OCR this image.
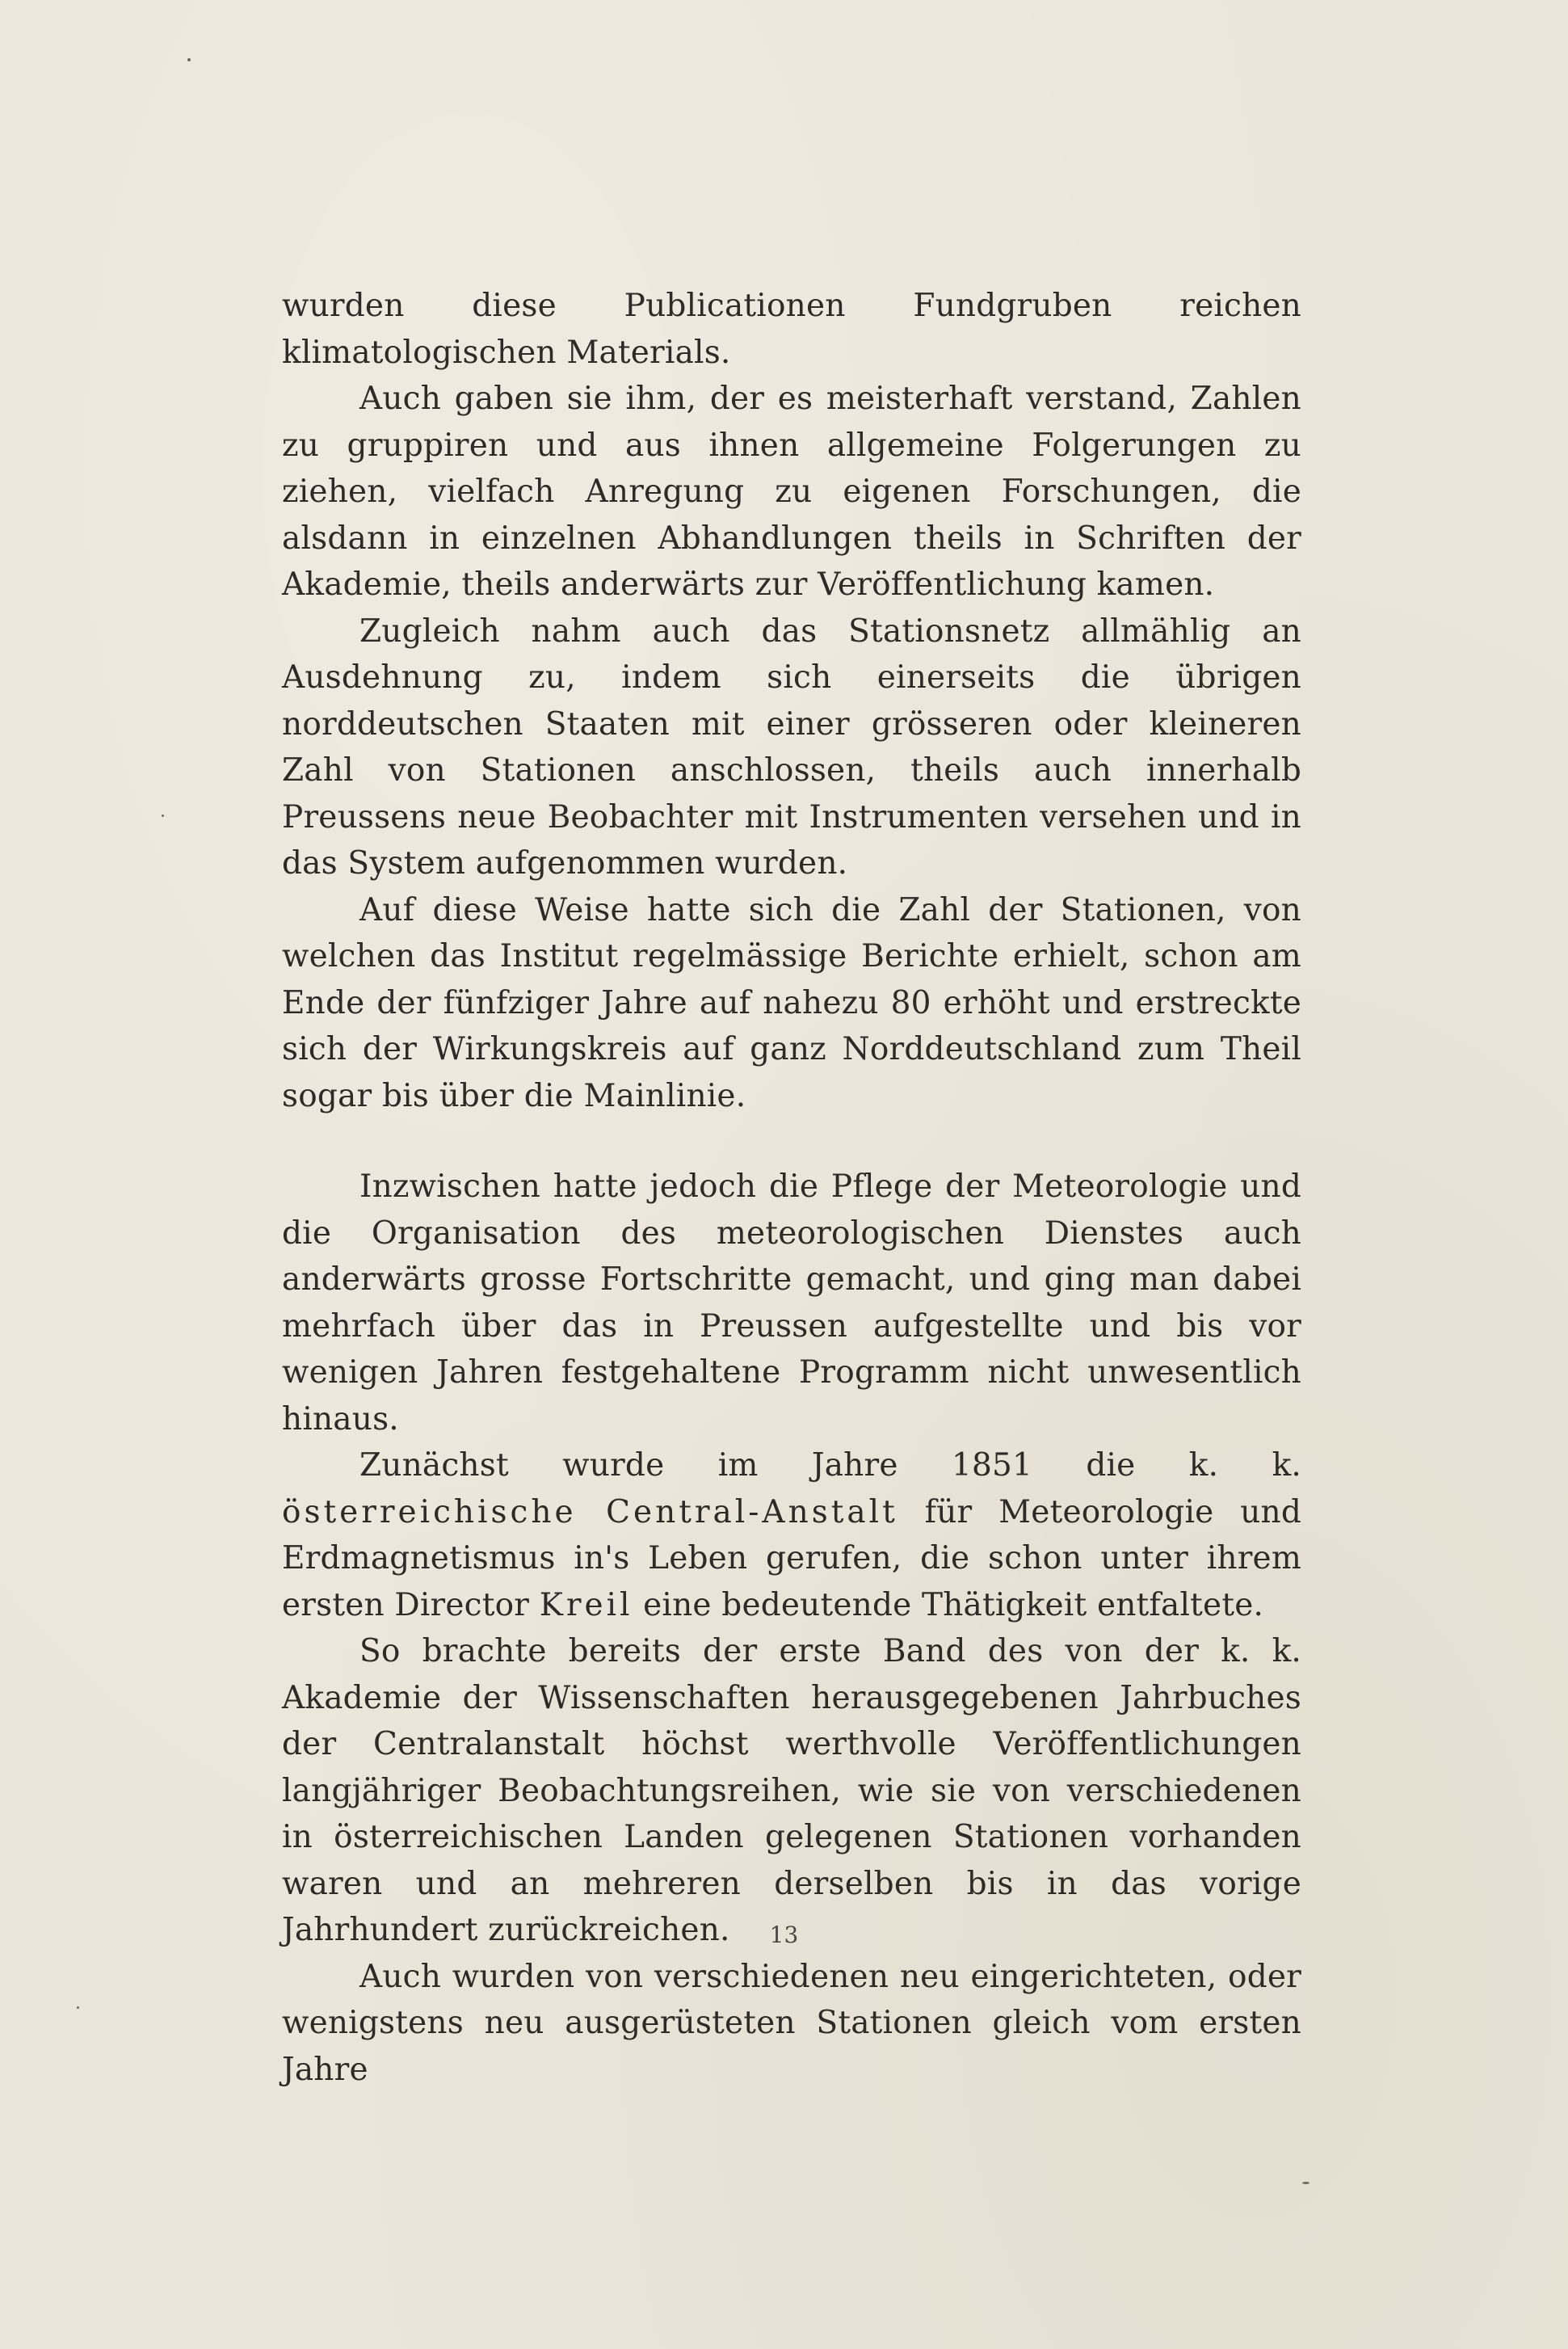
wurden diese Publicationen Fundgruben reichen klimatologischen Materials.

Auch gaben sie ihm, der es meisterhaft verstand, Zahlen zu gruppiren und aus ihnen allgemeine Folgerungen zu ziehen, vielfach Anregung zu eigenen Forschungen, die alsdann in einzelnen Abhandlungen theils in Schriften der Akademie, theils anderwärts zur Veröffentlichung kamen.

Zugleich nahm auch das Stationsnetz allmählig an Ausdehnung zu, indem sich einerseits die übrigen norddeutschen Staaten mit einer grösseren oder kleineren Zahl von Stationen anschlossen, theils auch innerhalb Preussens neue Beobachter mit Instrumenten versehen und in das System aufgenommen wurden.

Auf diese Weise hatte sich die Zahl der Stationen, von welchen das Institut regelmässige Berichte erhielt, schon am Ende der fünfziger Jahre auf nahezu 80 erhöht und erstreckte sich der Wirkungskreis auf ganz Norddeutschland zum Theil sogar bis über die Mainlinie.

Inzwischen hatte jedoch die Pflege der Meteorologie und die Organisation des meteorologischen Dienstes auch anderwärts grosse Fortschritte gemacht, und ging man dabei mehrfach über das in Preussen aufgestellte und bis vor wenigen Jahren festgehaltene Programm nicht unwesentlich hinaus.

Zunächst wurde im Jahre 1851 die k. k. österreichische Central-Anstalt für Meteorologie und Erdmagnetismus in's Leben gerufen, die schon unter ihrem ersten Director Kreil eine bedeutende Thätigkeit entfaltete.

So brachte bereits der erste Band des von der k. k. Akademie der Wissenschaften herausgegebenen Jahrbuches der Centralanstalt höchst werthvolle Veröffentlichungen langjähriger Beobachtungsreihen, wie sie von verschiedenen in österreichischen Landen gelegenen Stationen vorhanden waren und an mehreren derselben bis in das vorige Jahrhundert zurückreichen.

Auch wurden von verschiedenen neu eingerichteten, oder wenigstens neu ausgerüsteten Stationen gleich vom ersten Jahre

13
